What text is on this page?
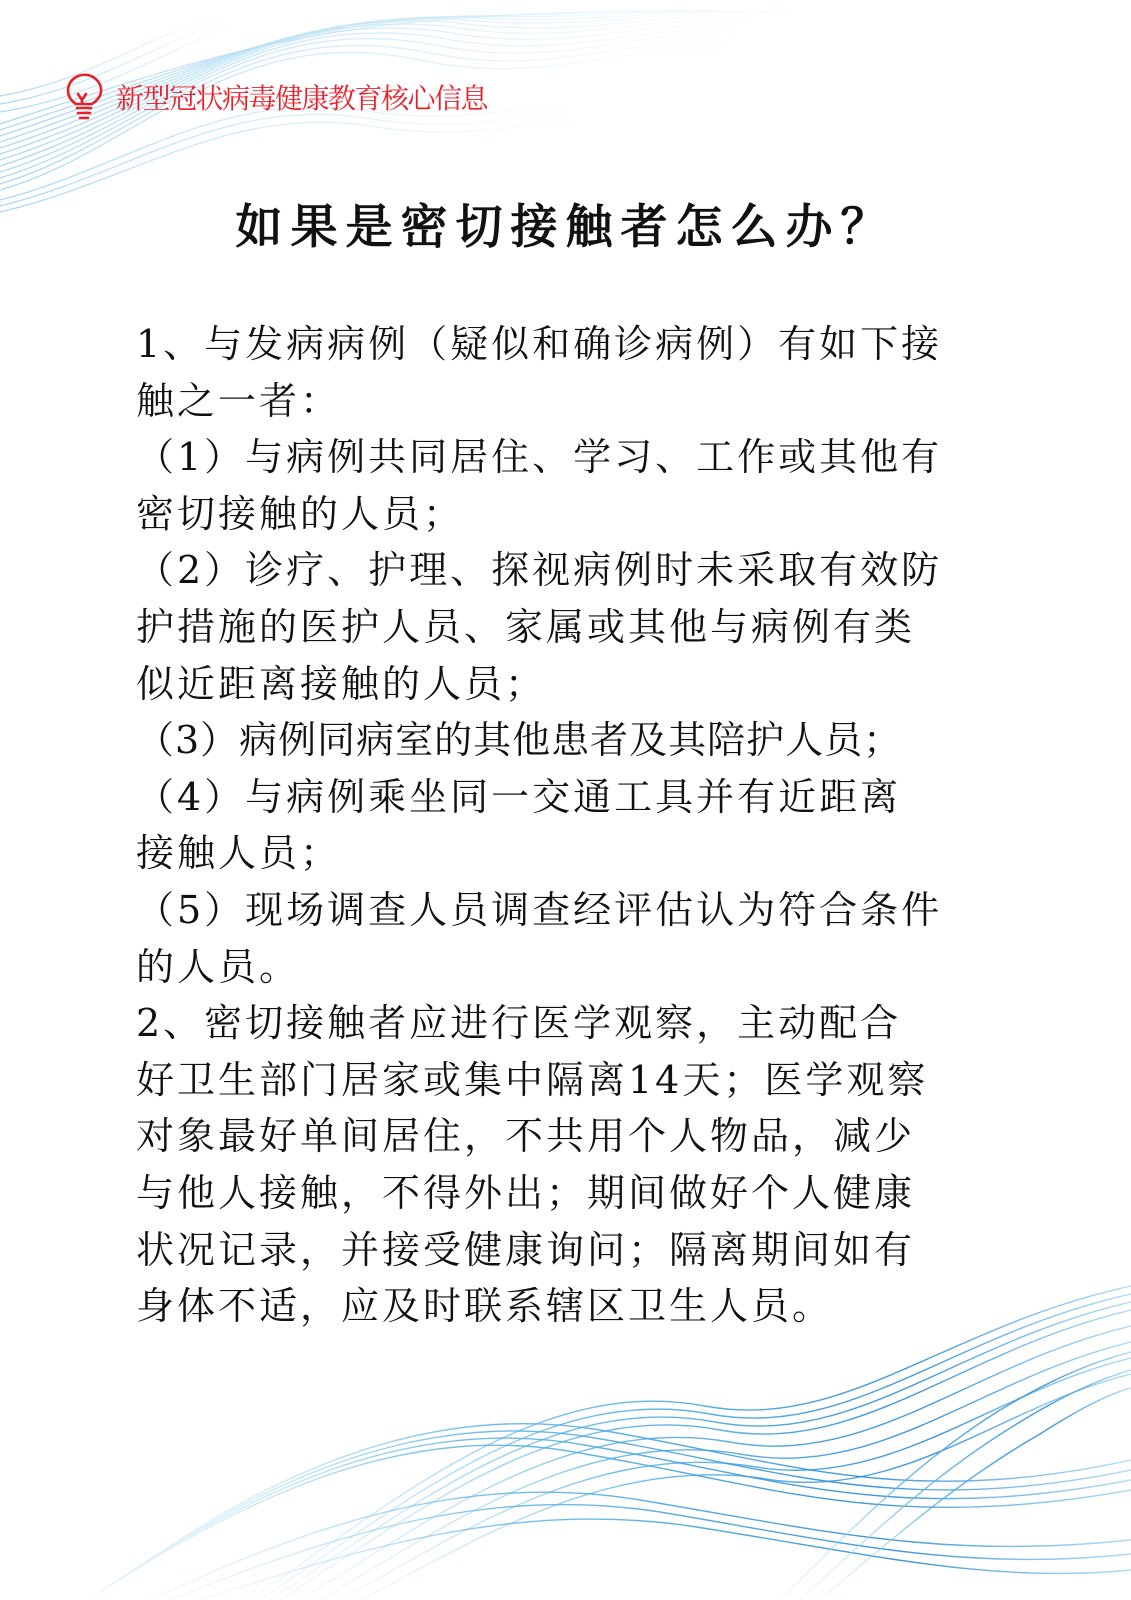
新型冠状病毒健康教育核心信息
如果是密切接触者怎么办？
1、与发病病例（疑似和确诊病例）有如下接
触之一者：
（1）与病例共同居住、学习、工作或其他有
密切接触的人员；
（2）诊疗、护理、探视病例时未采取有效防
护措施的医护人员、家属或其他与病例有类
似近距离接触的人员；
（3）病例同病室的其他患者及其陪护人员；
（4）与病例乘坐同一交通工具并有近距离
接触人员；
（5）现场调查人员调查经评估认为符合条件
的人员。
2、密切接触者应进行医学观察，主动配合
好卫生部门居家或集中隔离14天；医学观察
对象最好单间居住，不共用个人物品，减少
与他人接触，不得外出；期间做好个人健康
状况记录，并接受健康询问；隔离期间如有
身体不适，应及时联系辖区卫生人员。
